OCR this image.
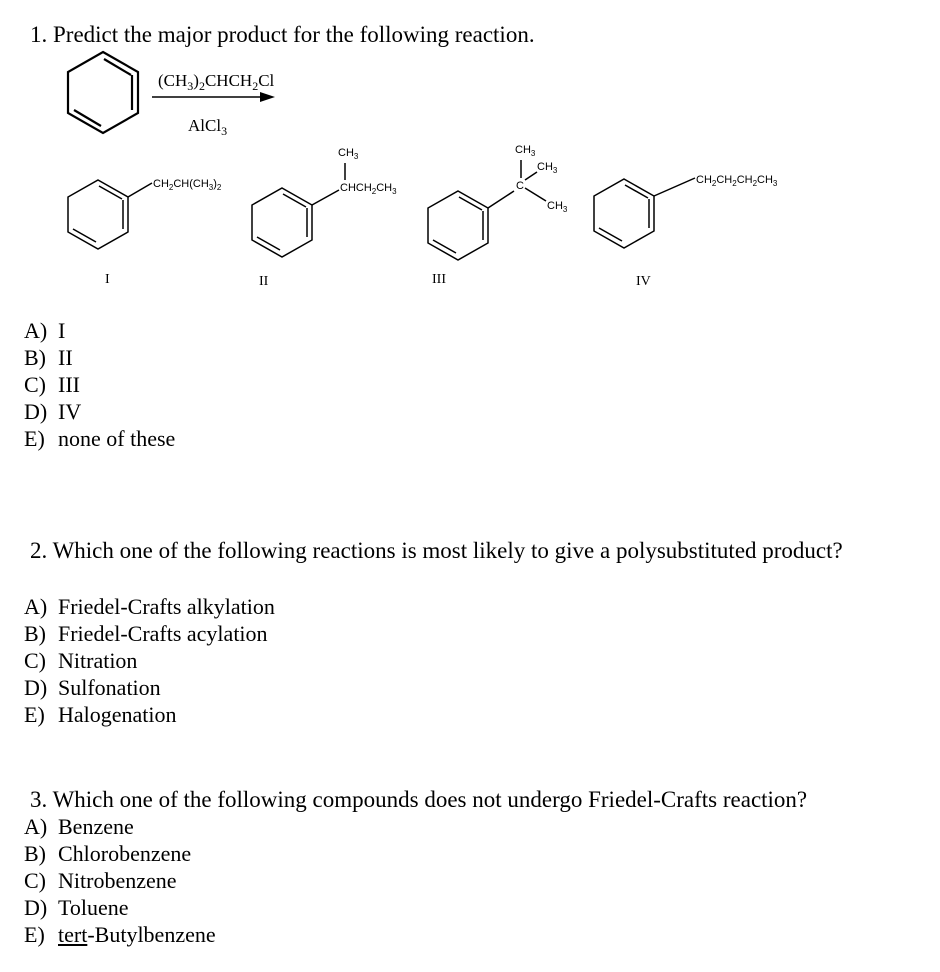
1. Predict the major product for the following reaction.
$(CH_3)_2CHCH_2Cl$
AlCl$_3$
$CH_2CH(CH_3)_2$
I
$CH_3$
$CHCH_2CH_3$
II
$CH_3$
C
$CH_3$
$CH_3$
III
$CH_2CH_2CH_2CH_3$
IV
A) I
B) II
C) III
D) IV
E) none of these
2. Which one of the following reactions is most likely to give a polysubstituted product?
A) Friedel-Crafts alkylation
B) Friedel-Crafts acylation
C) Nitration
D) Sulfonation
E) Halogenation
3. Which one of the following compounds does not undergo Friedel-Crafts reaction?
A) Benzene
B) Chlorobenzene
C) Nitrobenzene
D) Toluene
E) tert-Butylbenzene
